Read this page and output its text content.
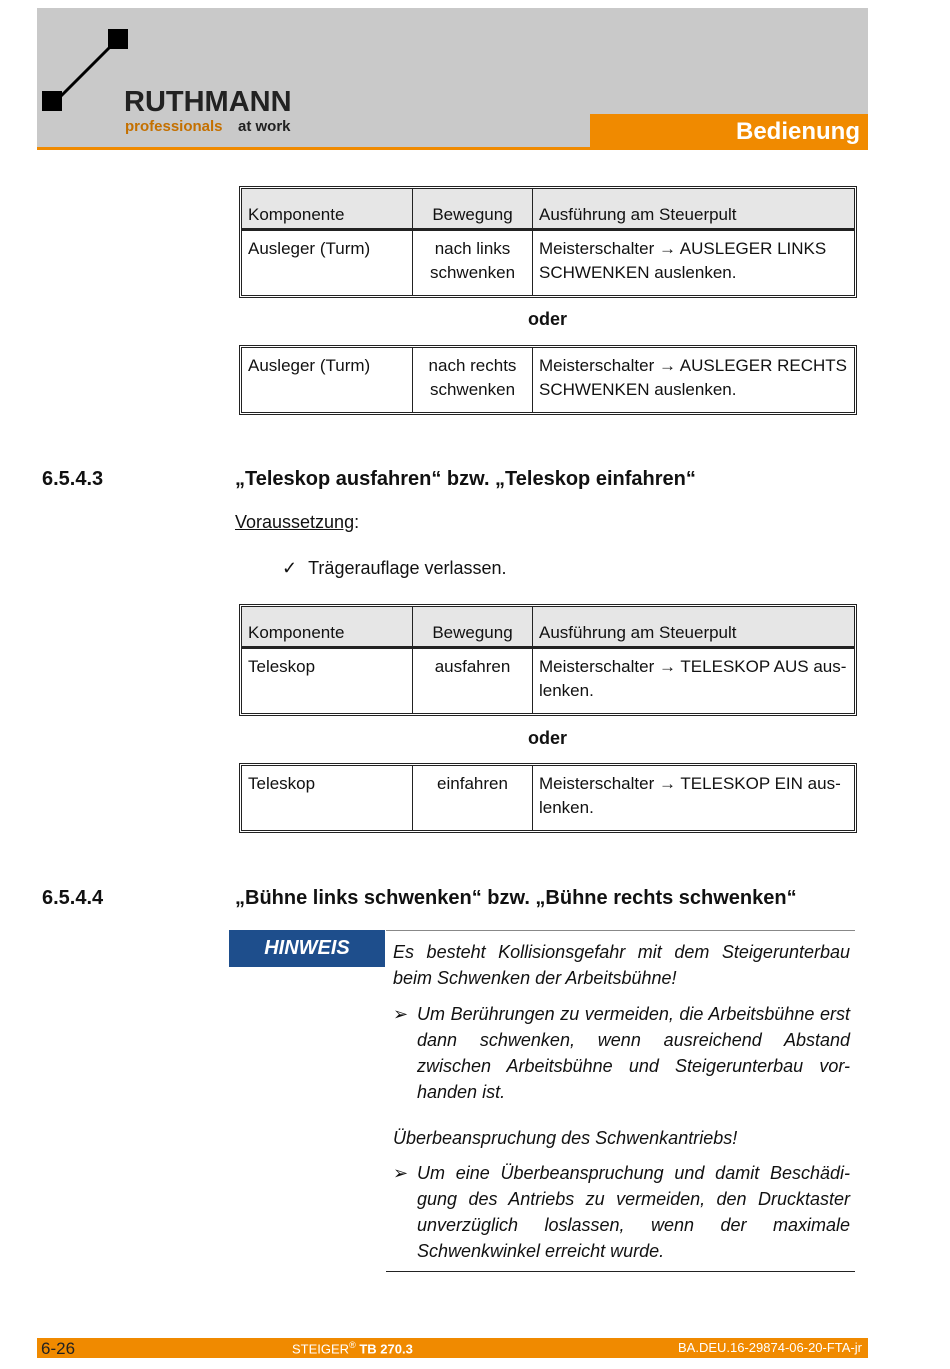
RUTHMANN
professionals at work	Bedienung
Komponente	Bewegung	Ausführung am Steuerpult
Ausleger (Turm)	nach links schwenken	Meisterschalter → AUSLEGER LINKS SCHWENKEN auslenken.
oder
Ausleger (Turm)	nach rechts schwenken	Meisterschalter → AUSLEGER RECHTS SCHWENKEN auslenken.
6.5.4.3	„Teleskop ausfahren“ bzw. „Teleskop einfahren“
Voraussetzung:
✓ Trägerauflage verlassen.
Komponente	Bewegung	Ausführung am Steuerpult
Teleskop	ausfahren	Meisterschalter → TELESKOP AUS aus-lenken.
oder
Teleskop	einfahren	Meisterschalter → TELESKOP EIN aus-lenken.
6.5.4.4	„Bühne links schwenken“ bzw. „Bühne rechts schwenken“
HINWEIS	Es besteht Kollisionsgefahr mit dem Steigerunterbau beim Schwenken der Arbeitsbühne!
➢ Um Berührungen zu vermeiden, die Arbeitsbühne erst dann schwenken, wenn ausreichend Abstand zwischen Arbeitsbühne und Steigerunterbau vor-handen ist.
Überbeanspruchung des Schwenkantriebs!
➢ Um eine Überbeanspruchung und damit Beschädi-gung des Antriebs zu vermeiden, den Drucktaster unverzüglich loslassen, wenn der maximale Schwenkwinkel erreicht wurde.
6-26	STEIGER® TB 270.3	BA.DEU.16-29874-06-20-FTA-jr
